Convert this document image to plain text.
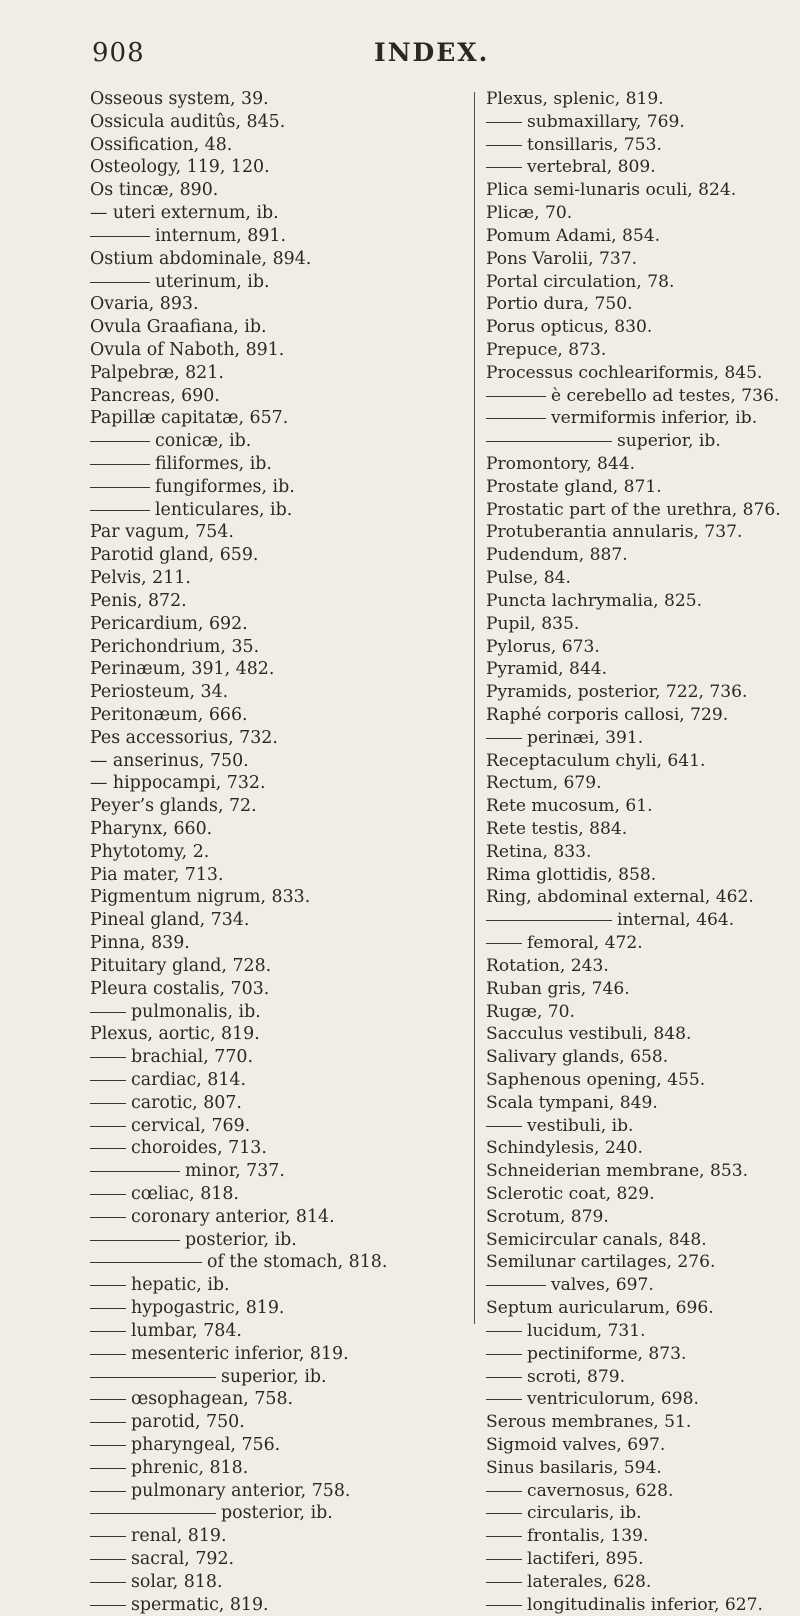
908	INDEX.
Osseous system, 39.
Ossicula auditûs, 845.
Ossification, 48.
Osteology, 119, 120.
Os tincæ, 890.
— uteri externum, ib.
internum, 891.
Ostium abdominale, 894.
uterinum, ib.
Ovaria, 893.
Ovula Graafiana, ib.
Ovula of Naboth, 891.
Palpebræ, 821.
Pancreas, 690.
Papillæ capitatæ, 657.
conicæ, ib.
filiformes, ib.
fungiformes, ib.
lenticulares, ib.
Par vagum, 754.
Parotid gland, 659.
Pelvis, 211.
Penis, 872.
Pericardium, 692.
Perichondrium, 35.
Perinæum, 391, 482.
Periosteum, 34.
Peritonæum, 666.
Pes accessorius, 732.
— anserinus, 750.
— hippocampi, 732.
Peyer’s glands, 72.
Pharynx, 660.
Phytotomy, 2.
Pia mater, 713.
Pigmentum nigrum, 833.
Pineal gland, 734.
Pinna, 839.
Pituitary gland, 728.
Pleura costalis, 703.
pulmonalis, ib.
Plexus, aortic, 819.
brachial, 770.
cardiac, 814.
carotic, 807.
cervical, 769.
choroides, 713.
minor, 737.
cœliac, 818.
coronary anterior, 814.
posterior, ib.
of the stomach, 818.
hepatic, ib.
hypogastric, 819.
lumbar, 784.
mesenteric inferior, 819.
superior, ib.
œsophagean, 758.
parotid, 750.
pharyngeal, 756.
phrenic, 818.
pulmonary anterior, 758.
posterior, ib.
renal, 819.
sacral, 792.
solar, 818.
spermatic, 819.
Plexus, splenic, 819.
submaxillary, 769.
tonsillaris, 753.
vertebral, 809.
Plica semi-lunaris oculi, 824.
Plicæ, 70.
Pomum Adami, 854.
Pons Varolii, 737.
Portal circulation, 78.
Portio dura, 750.
Porus opticus, 830.
Prepuce, 873.
Processus cochleariformis, 845.
è cerebello ad testes, 736.
vermiformis inferior, ib.
superior, ib.
Promontory, 844.
Prostate gland, 871.
Prostatic part of the urethra, 876.
Protuberantia annularis, 737.
Pudendum, 887.
Pulse, 84.
Puncta lachrymalia, 825.
Pupil, 835.
Pylorus, 673.
Pyramid, 844.
Pyramids, posterior, 722, 736.
Raphé corporis callosi, 729.
perinæi, 391.
Receptaculum chyli, 641.
Rectum, 679.
Rete mucosum, 61.
Rete testis, 884.
Retina, 833.
Rima glottidis, 858.
Ring, abdominal external, 462.
internal, 464.
femoral, 472.
Rotation, 243.
Ruban gris, 746.
Rugæ, 70.
Sacculus vestibuli, 848.
Salivary glands, 658.
Saphenous opening, 455.
Scala tympani, 849.
vestibuli, ib.
Schindylesis, 240.
Schneiderian membrane, 853.
Sclerotic coat, 829.
Scrotum, 879.
Semicircular canals, 848.
Semilunar cartilages, 276.
valves, 697.
Septum auricularum, 696.
lucidum, 731.
pectiniforme, 873.
scroti, 879.
ventriculorum, 698.
Serous membranes, 51.
Sigmoid valves, 697.
Sinus basilaris, 594.
cavernosus, 628.
circularis, ib.
frontalis, 139.
lactiferi, 895.
laterales, 628.
longitudinalis inferior, 627.
